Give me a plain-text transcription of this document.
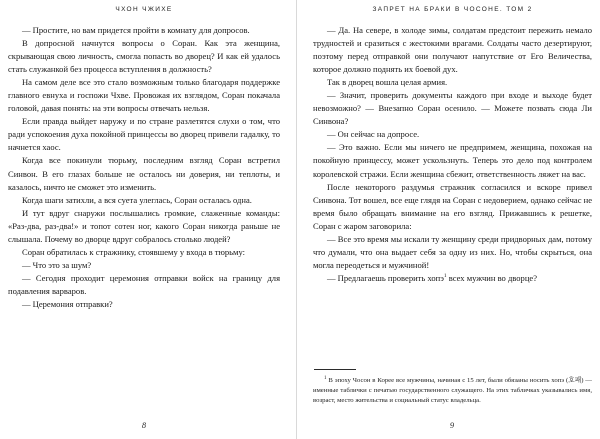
ЧХОН ЧЖИХЕ

— Простите, но вам придется пройти в комнату для допросов.

В допросной начнутся вопросы о Соран. Как эта женщина, скрывающая свою личность, смогла попасть во дворец? И как ей удалось стать служанкой без процесса вступления в должность?

На самом деле все это стало возможным только благодаря поддержке главного евнуха и госпожи Чхве. Провожая их взглядом, Соран покачала головой, давая понять: на эти вопросы отвечать нельзя.

Если правда выйдет наружу и по стране разлетятся слухи о том, что ради успокоения духа покойной принцессы во дворец привели гадалку, то начнется хаос.

Когда все покинули тюрьму, последним взгляд Соран встретил Синвон. В его глазах больше не осталось ни доверия, ни теплоты, и казалось, ничто не сможет это изменить.

Когда шаги затихли, а вся суета улеглась, Соран осталась одна.

И тут вдруг снаружи послышались громкие, слаженные команды: «Раз-два, раз-два!» и топот сотен ног, какого Соран никогда раньше не слышала. Почему во дворце вдруг собралось столько людей?

Соран обратилась к стражнику, стоявшему у входа в тюрьму:

— Что это за шум?

— Сегодня проходит церемония отправки войск на границу для подавления варваров.

— Церемония отправки?

8
ЗАПРЕТ НА БРАКИ В ЧОСОНЕ. ТОМ 2

— Да. На севере, в холоде зимы, солдатам предстоит пережить немало трудностей и сразиться с жестокими врагами. Солдаты часто дезертируют, поэтому перед отправкой они получают напутствие от Его Величества, которое должно поднять их боевой дух.

Так в дворец вошла целая армия.

— Значит, проверить документы каждого при входе и выходе будет невозможно? — Внезапно Соран осенило. — Можете позвать сюда Ли Синвона?

— Он сейчас на допросе.

— Это важно. Если мы ничего не предпримем, женщина, похожая на покойную принцессу, может ускользнуть. Теперь это дело под контролем королевской стражи. Если женщина сбежит, ответственность ляжет на вас.

После некоторого раздумья стражник согласился и вскоре привел Синвона. Тот вошел, все еще глядя на Соран с недоверием, однако сейчас не время было обращать внимание на его взгляд. Прижавшись к решетке, Соран с жаром заговорила:

— Все это время мы искали ту женщину среди придворных дам, потому что думали, что она выдает себя за одну из них. Но, чтобы скрыться, она могла переодеться и мужчиной!

— Предлагаешь проверить хопэ$^1$ всех мужчин во дворце?

$^1$ В эпоху Чосон в Корее все мужчины, начиная с 15 лет, были обязаны носить хопэ (호패) — именные таблички с печатью государственного служащего. На этих табличках указывались имя, возраст, место жительства и социальный статус владельца.

9
